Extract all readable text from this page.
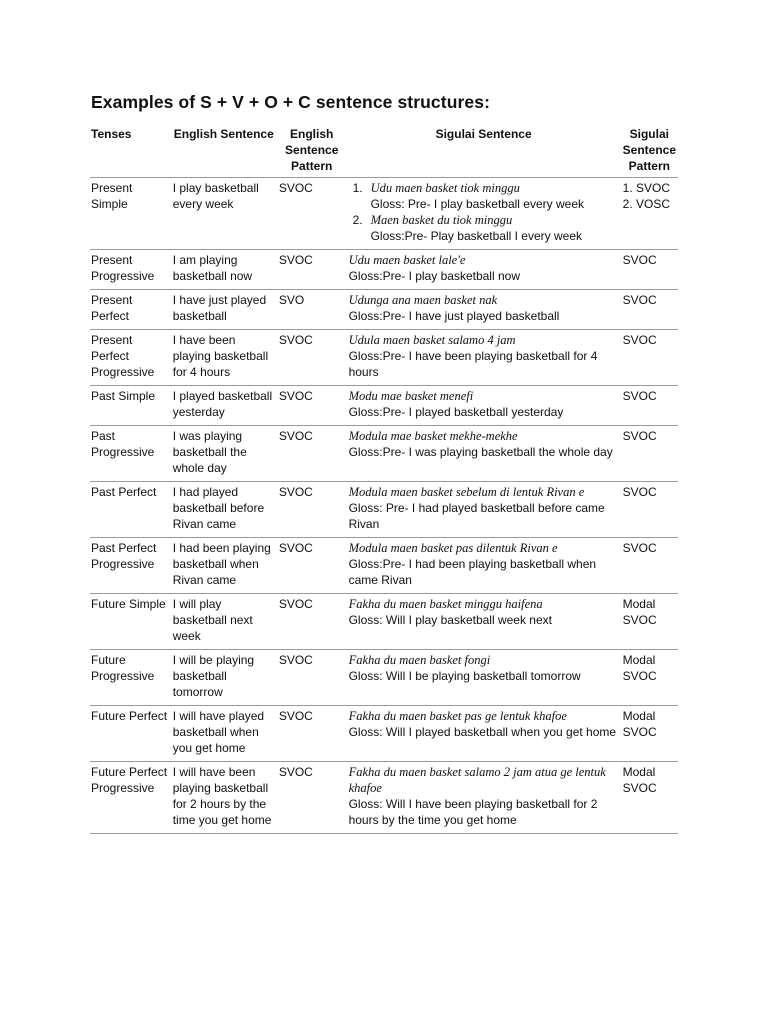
Examples of S + V + O + C sentence structures:
Tenses	English Sentence	English Sentence Pattern	Sigulai Sentence	Sigulai Sentence Pattern
Present Simple	I play basketball every week	SVOC	1. Udu maen basket tiok minggu
Gloss: Pre- I play basketball every week
2. Maen basket du tiok minggu
Gloss:Pre- Play basketball I every week	1. SVOC 2. VOSC
Present Progressive	I am playing basketball now	SVOC	Udu maen basket lale'e
Gloss:Pre- I play basketball now	SVOC
Present Perfect	I have just played basketball	SVO	Udunga ana maen basket nak
Gloss:Pre- I have just played basketball	SVOC
Present Perfect Progressive	I have been playing basketball for 4 hours	SVOC	Udula maen basket salamo 4 jam
Gloss:Pre- I have been playing basketball for 4 hours	SVOC
Past Simple	I played basketball yesterday	SVOC	Modu mae basket menefi
Gloss:Pre- I played basketball yesterday	SVOC
Past Progressive	I was playing basketball the whole day	SVOC	Modula mae basket mekhe-mekhe
Gloss:Pre- I was playing basketball the whole day	SVOC
Past Perfect	I had played basketball before Rivan came	SVOC	Modula maen basket sebelum di lentuk Rivan e
Gloss: Pre- I had played basketball before came Rivan	SVOC
Past Perfect Progressive	I had been playing basketball when Rivan came	SVOC	Modula maen basket pas dilentuk Rivan e
Gloss:Pre- I had been playing basketball when came Rivan	SVOC
Future Simple	I will play basketball next week	SVOC	Fakha du maen basket minggu haifena
Gloss: Will I play basketball week next	Modal SVOC
Future Progressive	I will be playing basketball tomorrow	SVOC	Fakha du maen basket fongi
Gloss: Will I be playing basketball tomorrow	Modal SVOC
Future Perfect	I will have played basketball when you get home	SVOC	Fakha du maen basket pas ge lentuk khafoe
Gloss: Will I played basketball when you get home	Modal SVOC
Future Perfect Progressive	I will have been playing basketball for 2 hours by the time you get home	SVOC	Fakha du maen basket salamo 2 jam atua ge lentuk khafoe
Gloss: Will I have been playing basketball for 2 hours by the time you get home	Modal SVOC
